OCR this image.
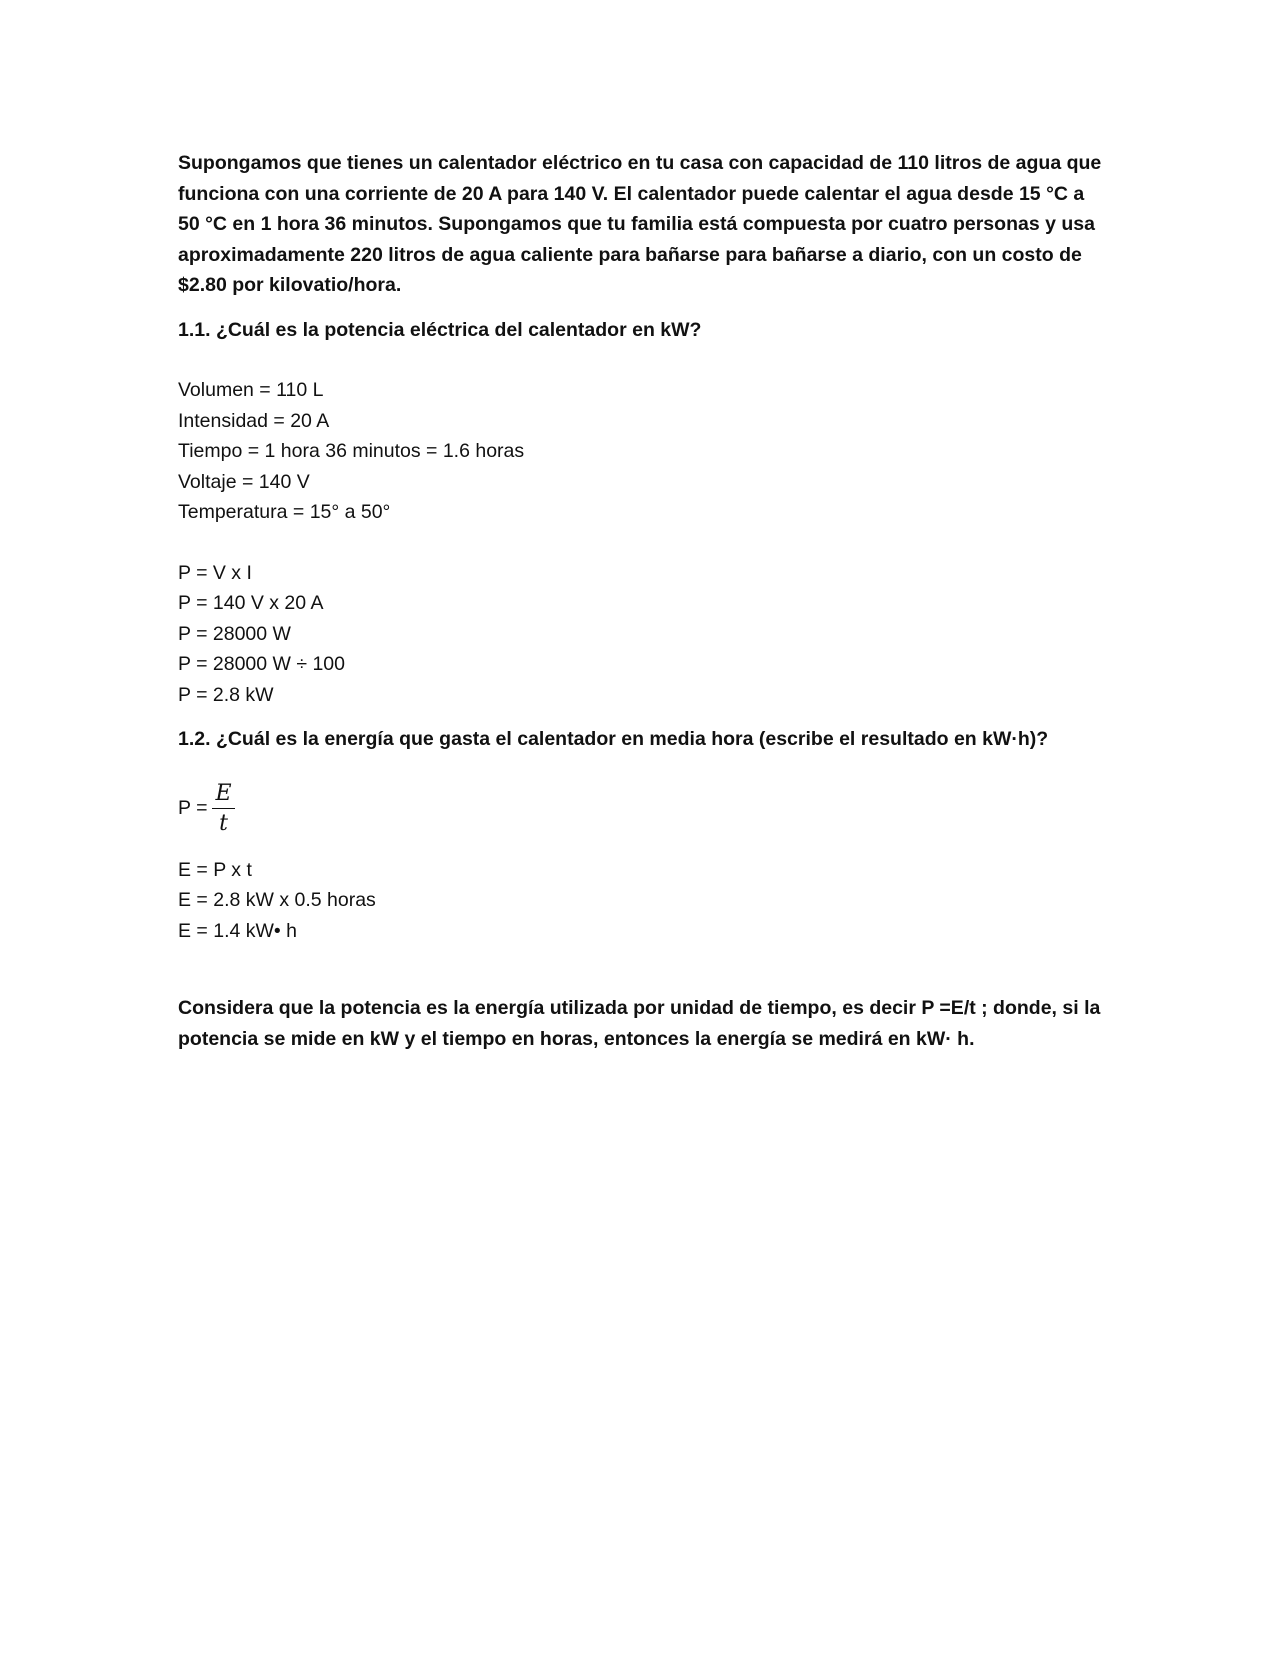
Supongamos que tienes un calentador eléctrico en tu casa con capacidad de 110 litros de agua que funciona con una corriente de 20 A para 140 V. El calentador puede calentar el agua desde 15 °C a 50 °C en 1 hora 36 minutos. Supongamos que tu familia está compuesta por cuatro personas y usa aproximadamente 220 litros de agua caliente para bañarse para bañarse a diario, con un costo de $2.80 por kilovatio/hora.

1.1. ¿Cuál es la potencia eléctrica del calentador en kW?

Volumen = 110 L
Intensidad = 20 A
Tiempo = 1 hora 36 minutos = 1.6 horas
Voltaje = 140 V
Temperatura = 15° a 50°
P = V x I
P = 140 V x 20 A
P = 28000 W
P = 28000 W ÷ 100
P = 2.8 kW

1.2. ¿Cuál es la energía que gasta el calentador en media hora (escribe el resultado en kW·h)?

$P = \frac{E}{t}$
E = P x t
E = 2.8 kW x 0.5 horas
E = 1.4 kW• h

Considera que la potencia es la energía utilizada por unidad de tiempo, es decir P =E/t ; donde, si la potencia se mide en kW y el tiempo en horas, entonces la energía se medirá en kW· h.
